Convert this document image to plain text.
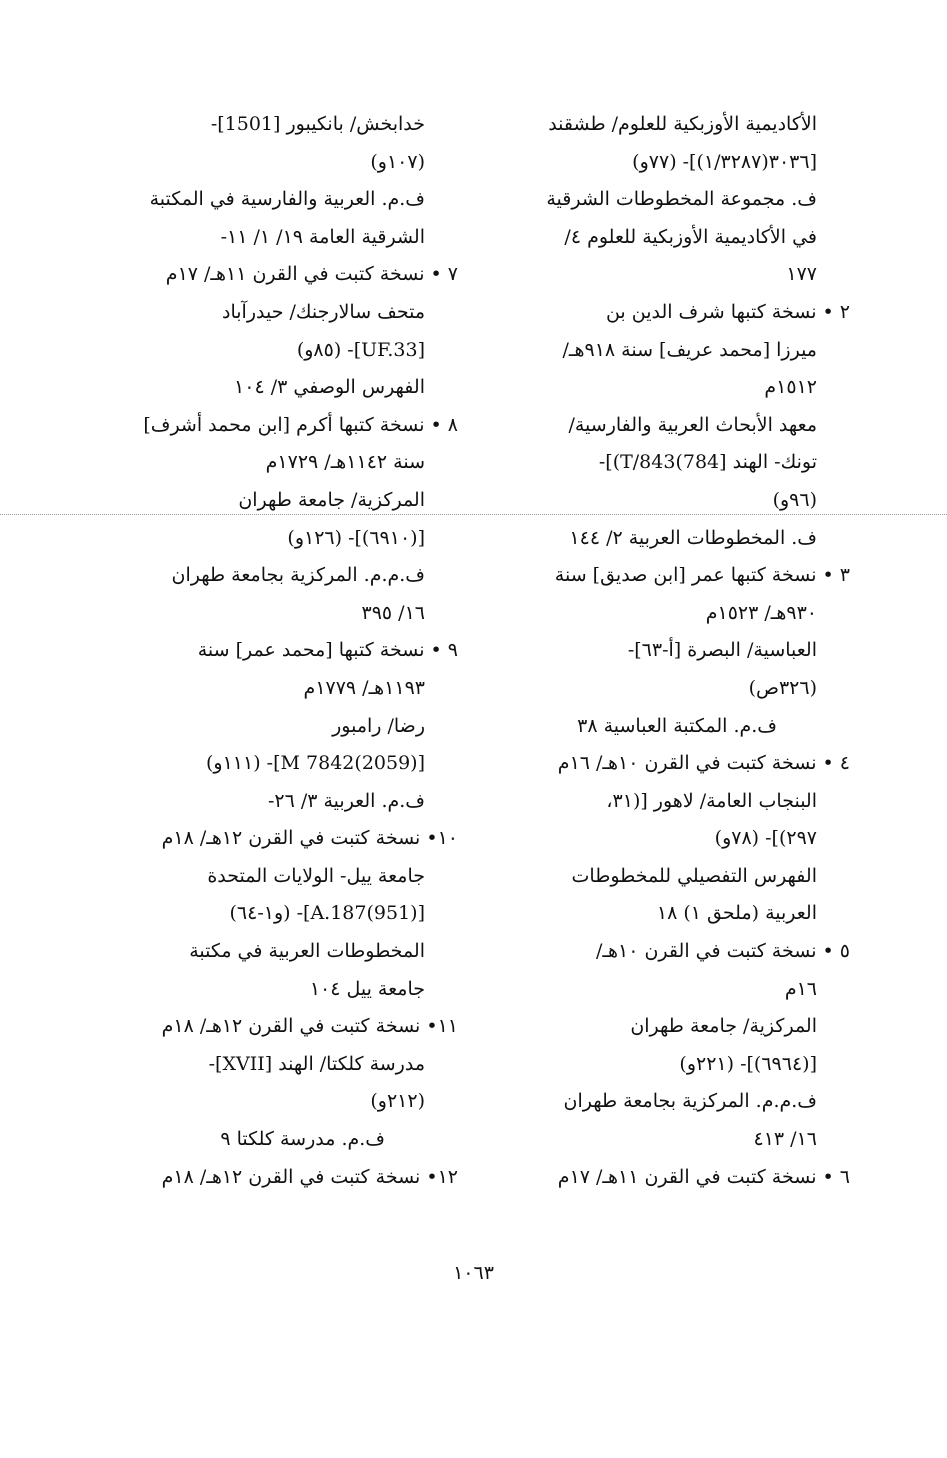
الأكاديمية الأوزبكية للعلوم/ طشقند
[٣٠٣٦(١/٣٢٨٧)]- (٧٧و)
ف. مجموعة المخطوطات الشرقية
في الأكاديمية الأوزبكية للعلوم ٤/
١٧٧
٢ • نسخة كتبها شرف الدين بن
ميرزا [محمد عريف] سنة ٩١٨هـ/
١٥١٢م
معهد الأبحاث العربية والفارسية/
تونك- الهند [784)T/843)]-
(٩٦و)
ف. المخطوطات العربية ٢/ ١٤٤
٣ • نسخة كتبها عمر [ابن صديق] سنة
٩٣٠هـ/ ١٥٢٣م
العباسية/ البصرة [أ-٦٣]-
(٣٢٦ص)
ف.م. المكتبة العباسية ٣٨
٤ • نسخة كتبت في القرن ١٠هـ/ ١٦م
البنجاب العامة/ لاهور [(٣١،
٢٩٧)]- (٧٨و)
الفهرس التفصيلي للمخطوطات
العربية (ملحق ١) ١٨
٥ • نسخة كتبت في القرن ١٠هـ/
١٦م
المركزية/ جامعة طهران
[(٦٩٦٤)]- (٢٢١و)
ف.م.م. المركزية بجامعة طهران
١٦/ ٤١٣
٦ • نسخة كتبت في القرن ١١هـ/ ١٧م
خدابخش/ بانكيبور [1501]-
(١٠٧و)
ف.م. العربية والفارسية في المكتبة
الشرقية العامة ١٩/ ١/ ١١-
٧ • نسخة كتبت في القرن ١١هـ/ ١٧م
متحف سالارجنك/ حيدرآباد
[UF.33]- (٨٥و)
الفهرس الوصفي ٣/ ١٠٤
٨ • نسخة كتبها أكرم [ابن محمد أشرف]
سنة ١١٤٢هـ/ ١٧٢٩م
المركزية/ جامعة طهران
[(٦٩١٠)]- (١٢٦و)
ف.م.م. المركزية بجامعة طهران
١٦/ ٣٩٥
٩ • نسخة كتبها [محمد عمر] سنة
١١٩٣هـ/ ١٧٧٩م
رضا/ رامبور
[(2059)7842 M]- (١١١و)
ف.م. العربية ٣/ ٢٦-
١٠• نسخة كتبت في القرن ١٢هـ/ ١٨م
جامعة ييل- الولايات المتحدة
[(951)A.187]- (و١-٦٤)
المخطوطات العربية في مكتبة
جامعة ييل ١٠٤
١١• نسخة كتبت في القرن ١٢هـ/ ١٨م
مدرسة كلكتا/ الهند [XVII]-
(٢١٢و)
ف.م. مدرسة كلكتا ٩
١٢• نسخة كتبت في القرن ١٢هـ/ ١٨م
١٠٦٣
